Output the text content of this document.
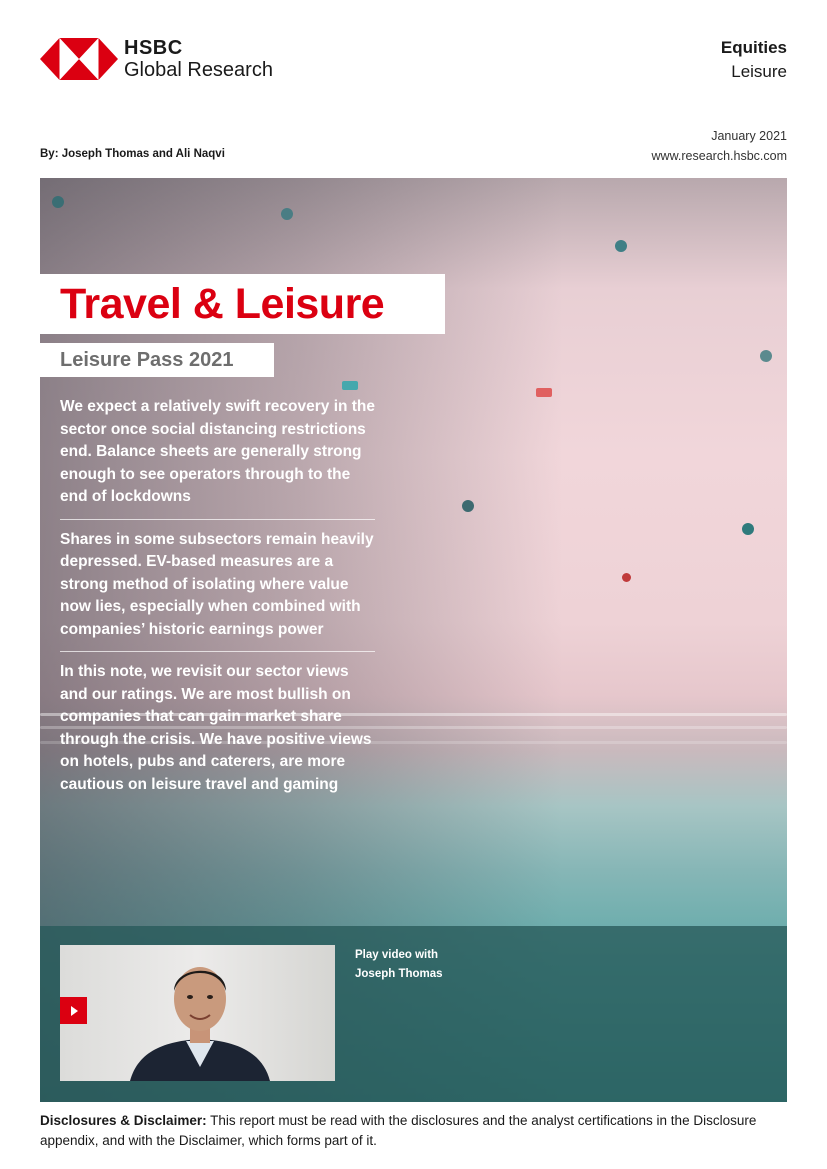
HSBC
Global Research
Equities
Leisure
January 2021
www.research.hsbc.com
By: Joseph Thomas and Ali Naqvi
Travel & Leisure
Leisure Pass 2021

We expect a relatively swift recovery in the sector once social distancing restrictions end. Balance sheets are generally strong enough to see operators through to the end of lockdowns

Shares in some subsectors remain heavily depressed. EV-based measures are a strong method of isolating where value now lies, especially when combined with companies’ historic earnings power

In this note, we revisit our sector views and our ratings. We are most bullish on companies that can gain market share through the crisis. We have positive views on hotels, pubs and caterers, are more cautious on leisure travel and gaming

Play video with
Joseph Thomas

Disclosures & Disclaimer: This report must be read with the disclosures and the analyst certifications in the Disclosure appendix, and with the Disclaimer, which forms part of it.
